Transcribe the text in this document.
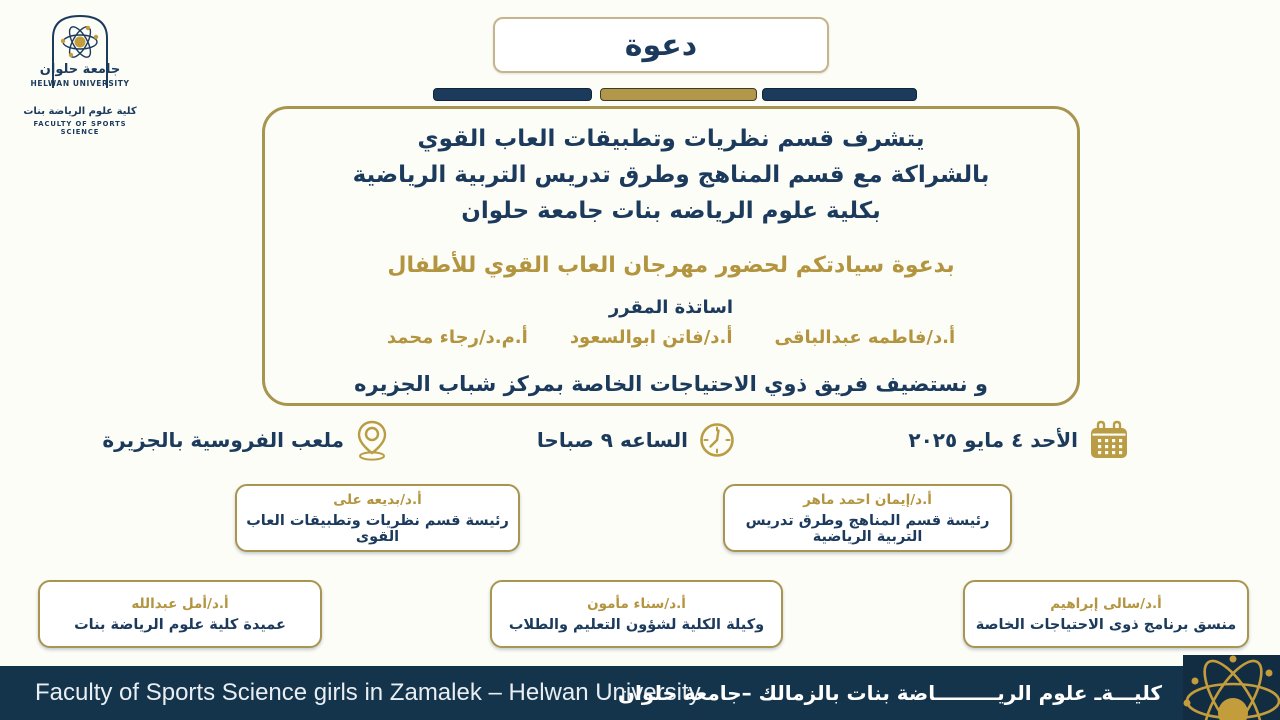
جامعة حلوان
HELWAN UNIVERSITY
كلية علوم الرياضة بنات
FACULTY OF SPORTS SCIENCE
دعوة
يتشرف قسم نظريات وتطبيقات العاب القوي
بالشراكة مع قسم المناهج وطرق تدريس التربية الرياضية
بكلية علوم الرياضه بنات جامعة حلوان
بدعوة سيادتكم لحضور مهرجان العاب القوي للأطفال
اساتذة المقرر
أ.د/فاطمه عبدالباقى
أ.د/فاتن ابوالسعود
أ.م.د/رجاء محمد
و نستضيف فريق ذوي الاحتياجات الخاصة بمركز شباب الجزيره
ملعب الفروسية بالجزيرة	الساعه ٩ صباحا	الأحد ٤ مايو ٢٠٢٥
أ.د/بديعه على
رئيسة قسم نظريات وتطبيقات العاب القوى
أ.د/إيمان احمد ماهر
رئيسة قسم المناهج وطرق تدريس التربية الرياضية
أ.د/أمل عبدالله
عميدة كلية علوم الرياضة بنات
أ.د/سناء مأمون
وكيلة الكلية لشؤون التعليم والطلاب
أ.د/سالى إبراهيم
منسق برنامج ذوى الاحتياجات الخاصة
Faculty of Sports Science girls in Zamalek – Helwan University
كليـــةـ علوم الريـــــــــاضة بنات بالزمالك –جامعة حلوان
